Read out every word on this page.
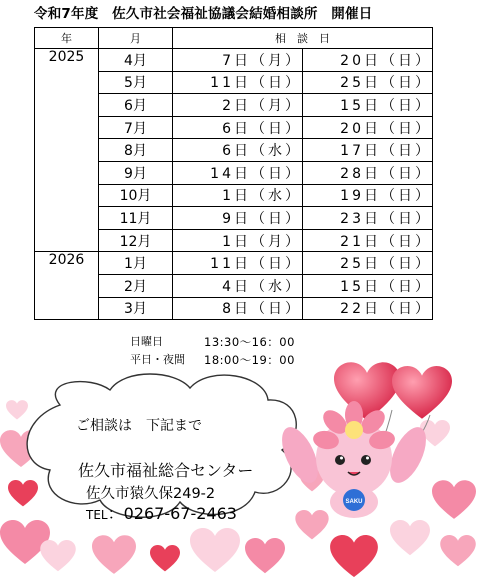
令和7年度　佐久市社会福祉協議会結婚相談所　開催日
年	月	相　談　日	
2025	4月	7日（月）	20日（日）
	5月	11日（日）	25日（日）
	6月	2日（月）	15日（日）
	7月	6日（日）	20日（日）
	8月	6日（水）	17日（日）
	9月	14日（日）	28日（日）
	10月	1日（水）	19日（日）
	11月	9日（日）	23日（日）
	12月	1日（月）	21日（日）
2026	1月	11日（日）	25日（日）
	2月	4日（水）	15日（日）
	3月	8日（日）	22日（日）
日曜日	13:30～16：00
平日・夜間	18:00～19：00
SAKU
ご相談は　下記まで
佐久市福祉総合センター
佐久市猿久保249-2
TEL：0267-67-2463
